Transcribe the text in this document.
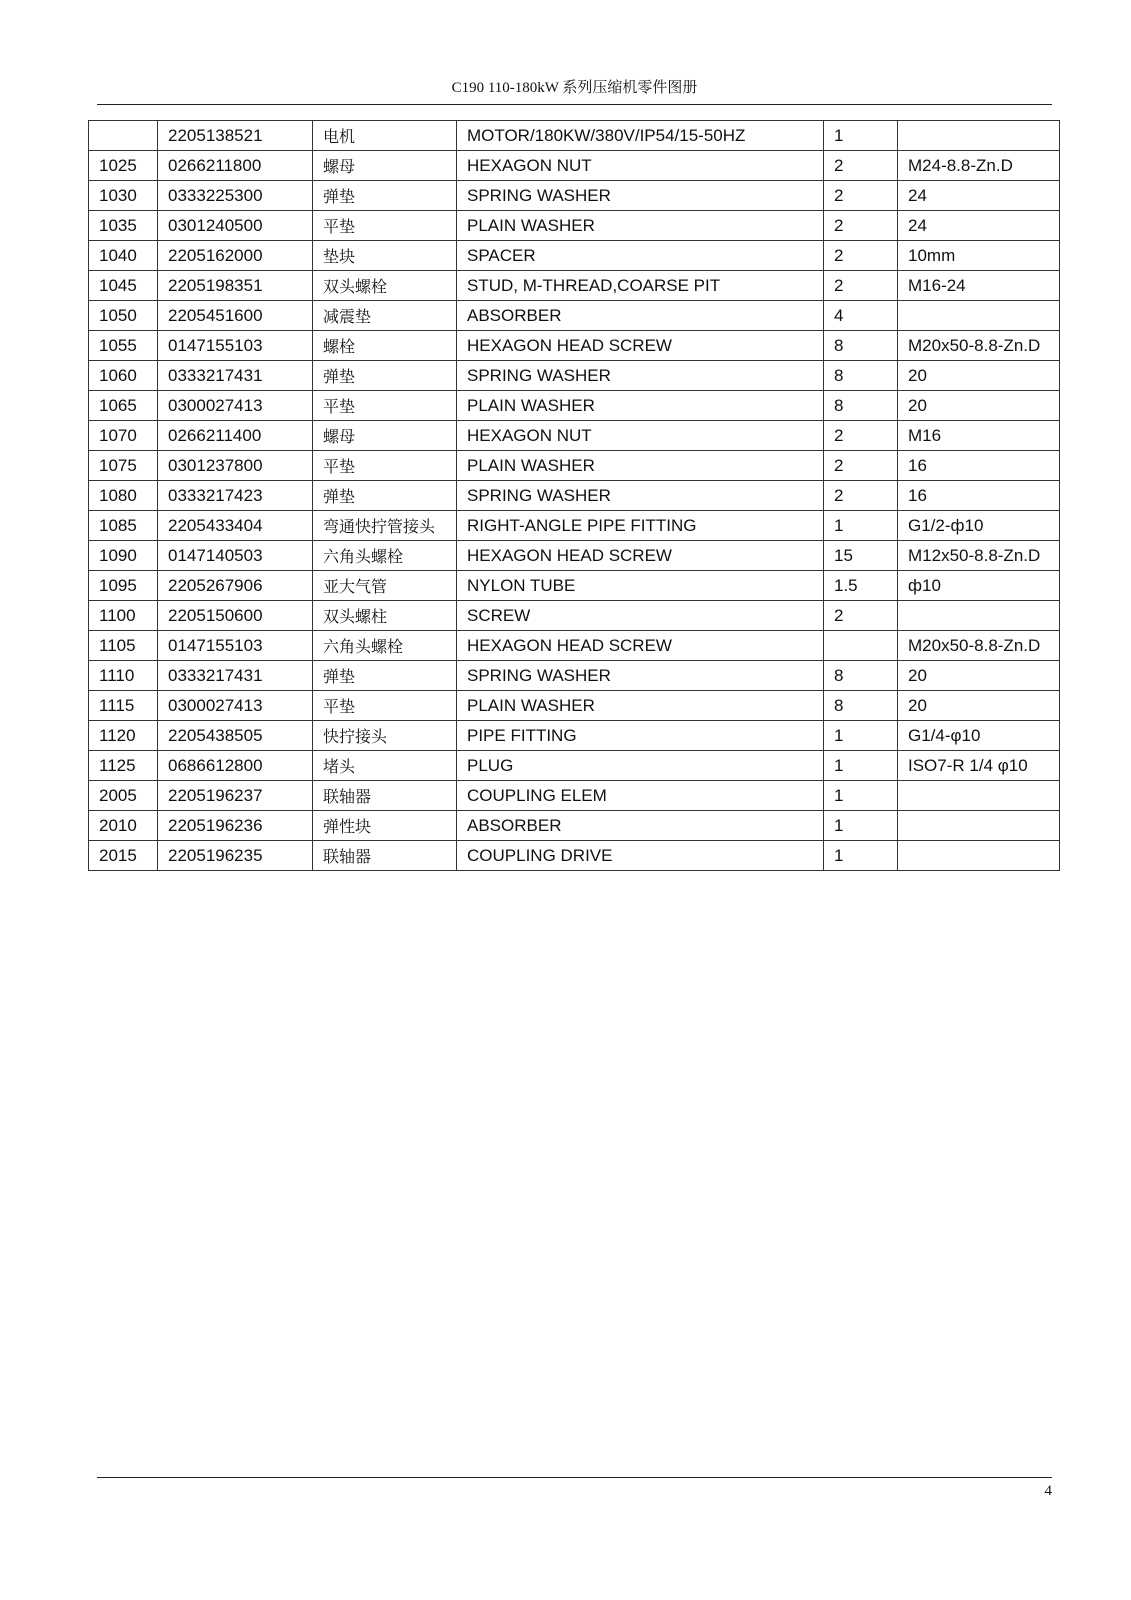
C190 110-180kW 系列压缩机零件图册
	2205138521	电机	MOTOR/180KW/380V/IP54/15-50HZ	1	
1025	0266211800	螺母	HEXAGON NUT	2	M24-8.8-Zn.D
1030	0333225300	弹垫	SPRING WASHER	2	24
1035	0301240500	平垫	PLAIN WASHER	2	24
1040	2205162000	垫块	SPACER	2	10mm
1045	2205198351	双头螺栓	STUD, M-THREAD,COARSE PIT	2	M16-24
1050	2205451600	减震垫	ABSORBER	4	
1055	0147155103	螺栓	HEXAGON HEAD SCREW	8	M20x50-8.8-Zn.D
1060	0333217431	弹垫	SPRING WASHER	8	20
1065	0300027413	平垫	PLAIN WASHER	8	20
1070	0266211400	螺母	HEXAGON NUT	2	M16
1075	0301237800	平垫	PLAIN WASHER	2	16
1080	0333217423	弹垫	SPRING WASHER	2	16
1085	2205433404	弯通快拧管接头	RIGHT-ANGLE PIPE FITTING	1	G1/2-ф10
1090	0147140503	六角头螺栓	HEXAGON HEAD SCREW	15	M12x50-8.8-Zn.D
1095	2205267906	亚大气管	NYLON TUBE	1.5	ф10
1100	2205150600	双头螺柱	SCREW	2	
1105	0147155103	六角头螺栓	HEXAGON HEAD SCREW		M20x50-8.8-Zn.D
1110	0333217431	弹垫	SPRING WASHER	8	20
1115	0300027413	平垫	PLAIN WASHER	8	20
1120	2205438505	快拧接头	PIPE FITTING	1	G1/4-φ10
1125	0686612800	堵头	PLUG	1	ISO7-R 1/4 φ10
2005	2205196237	联轴器	COUPLING ELEM	1	
2010	2205196236	弹性块	ABSORBER	1	
2015	2205196235	联轴器	COUPLING DRIVE	1	
4
